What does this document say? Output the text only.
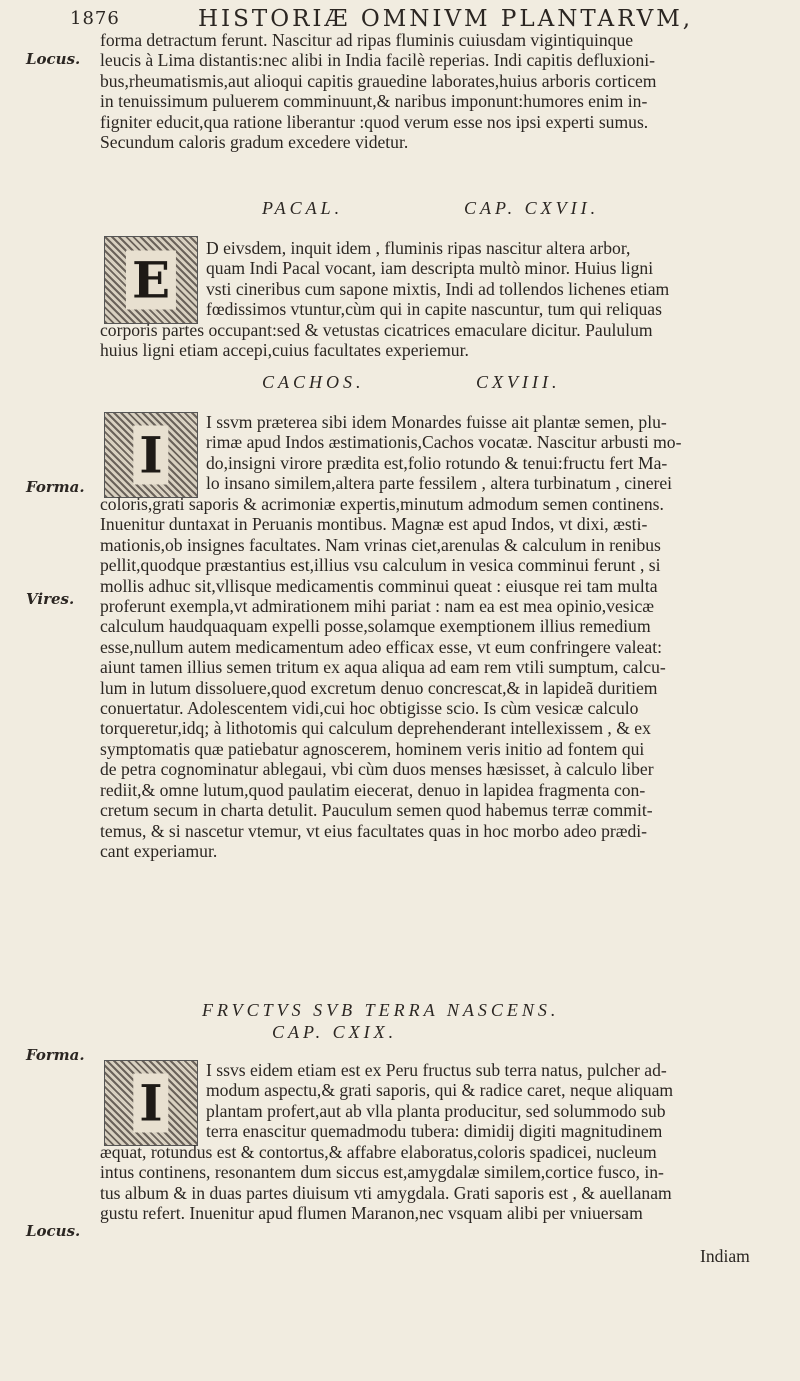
1876	HISTORIÆ OMNIVM PLANTARVM,
Locus.
Forma.
Vires.
Forma.
Locus.
forma detractum ferunt. Nascitur ad ripas fluminis cuiusdam vigintiquinque
leucis à Lima distantis:nec alibi in India facilè reperias. Indi capitis defluxioni-
bus,rheumatismis,aut alioqui capitis grauedine laborates,huius arboris corticem
in tenuissimum puluerem comminuunt,& naribus imponunt:humores enim in-
figniter educit,qua ratione liberantur :quod verum esse nos ipsi experti sumus.
Secundum caloris gradum excedere videtur.
PACAL.	CAP. CXVII.
E
D eivsdem, inquit idem , fluminis ripas nascitur altera arbor,
quam Indi Pacal vocant, iam descripta multò minor. Huius ligni
vsti cineribus cum sapone mixtis, Indi ad tollendos lichenes etiam
fœdissimos vtuntur,cùm qui in capite nascuntur, tum qui reliquas
corporis partes occupant:sed & vetustas cicatrices emaculare dicitur. Paululum
huius ligni etiam accepi,cuius facultates experiemur.
CACHOS.	CXVIII.
I
I ssvm præterea sibi idem Monardes fuisse ait plantæ semen, plu-
rimæ apud Indos æstimationis,Cachos vocatæ. Nascitur arbusti mo-
do,insigni virore prædita est,folio rotundo & tenui:fructu fert Ma-
lo insano similem,altera parte fessilem , altera turbinatum , cinerei
coloris,grati saporis & acrimoniæ expertis,minutum admodum semen continens.
Inuenitur duntaxat in Peruanis montibus. Magnæ est apud Indos, vt dixi, æsti-
mationis,ob insignes facultates. Nam vrinas ciet,arenulas & calculum in renibus
pellit,quodque præstantius est,illius vsu calculum in vesica comminui ferunt , si
mollis adhuc sit,vllisque medicamentis comminui queat : eiusque rei tam multa
proferunt exempla,vt admirationem mihi pariat : nam ea est mea opinio,vesicæ
calculum haudquaquam expelli posse,solamque exemptionem illius remedium
esse,nullum autem medicamentum adeo efficax esse, vt eum confringere valeat:
aiunt tamen illius semen tritum ex aqua aliqua ad eam rem vtili sumptum, calcu-
lum in lutum dissoluere,quod excretum denuo concrescat,& in lapideã duritiem
conuertatur. Adolescentem vidi,cui hoc obtigisse scio. Is cùm vesicæ calculo
torqueretur,idq; à lithotomis qui calculum deprehenderant intellexissem , & ex
symptomatis quæ patiebatur agnoscerem, hominem veris initio ad fontem qui
de petra cognominatur ablegaui, vbi cùm duos menses hæsisset, à calculo liber
rediit,& omne lutum,quod paulatim eiecerat, denuo in lapidea fragmenta con-
cretum secum in charta detulit. Pauculum semen quod habemus terræ commit-
temus, & si nascetur vtemur, vt eius facultates quas in hoc morbo adeo prædi-
cant experiamur.
FRVCTVS SVB TERRA NASCENS.
CAP. CXIX.
I
I ssvs eidem etiam est ex Peru fructus sub terra natus, pulcher ad-
modum aspectu,& grati saporis, qui & radice caret, neque aliquam
plantam profert,aut ab vlla planta producitur, sed solummodo sub
terra enascitur quemadmodu tubera: dimidij digiti magnitudinem
æquat, rotundus est & contortus,& affabre elaboratus,coloris spadicei, nucleum
intus continens, resonantem dum siccus est,amygdalæ similem,cortice fusco, in-
tus album & in duas partes diuisum vti amygdala. Grati saporis est , & auellanam
gustu refert. Inuenitur apud flumen Maranon,nec vsquam alibi per vniuersam
Indiam
